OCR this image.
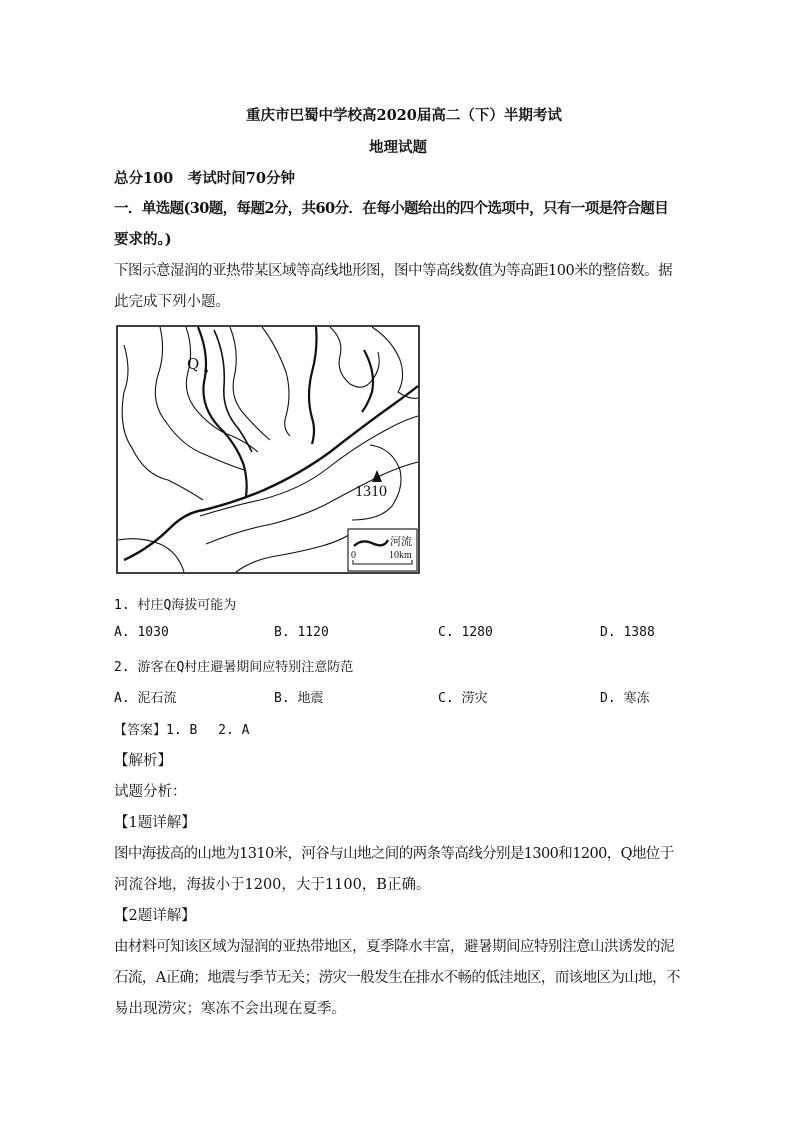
重庆市巴蜀中学校高2020届高二（下）半期考试
地理试题
总分100　考试时间70分钟
一．单选题(30题，每题2分，共60分．在每小题给出的四个选项中，只有一项是符合题目
要求的。)
下图示意湿润的亚热带某区域等高线地形图，图中等高线数值为等高距100米的整倍数。据
此完成下列小题。
Q
1310
河流
0	10km
1. 村庄Q海拔可能为
A. 1030	B. 1120	C. 1280	D. 1388
2. 游客在Q村庄避暑期间应特别注意防范
A. 泥石流	B. 地震	C. 涝灾	D. 寒冻
【答案】1. B　 2. A
【解析】
试题分析：
【1题详解】
图中海拔高的山地为1310米，河谷与山地之间的两条等高线分别是1300和1200，Q地位于
河流谷地，海拔小于1200，大于1100，B正确。
【2题详解】
由材料可知该区域为湿润的亚热带地区，夏季降水丰富，避暑期间应特别注意山洪诱发的泥
石流，A正确；地震与季节无关；涝灾一般发生在排水不畅的低洼地区，而该地区为山地，不
易出现涝灾；寒冻不会出现在夏季。
